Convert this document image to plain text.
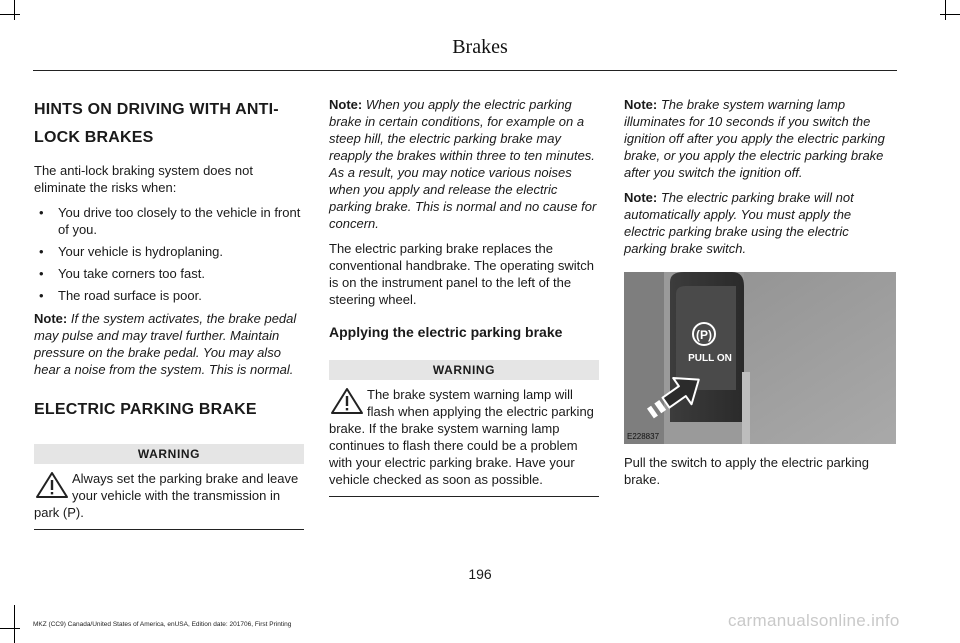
Brakes
HINTS ON DRIVING WITH ANTI-
LOCK BRAKES

The anti-lock braking system does not eliminate the risks when:

• You drive too closely to the vehicle in front of you.
• Your vehicle is hydroplaning.
• You take corners too fast.
• The road surface is poor.

Note: If the system activates, the brake pedal may pulse and may travel further. Maintain pressure on the brake pedal. You may also hear a noise from the system. This is normal.

ELECTRIC PARKING BRAKE
WARNING
Always set the parking brake and leave your vehicle with the transmission in park (P).

Note: When you apply the electric parking brake in certain conditions, for example on a steep hill, the electric parking brake may reapply the brakes within three to ten minutes. As a result, you may notice various noises when you apply and release the electric parking brake. This is normal and no cause for concern.

The electric parking brake replaces the conventional handbrake. The operating switch is on the instrument panel to the left of the steering wheel.

Applying the electric parking brake
WARNING
The brake system warning lamp will flash when applying the electric parking brake. If the brake system warning lamp continues to flash there could be a problem with your electric parking brake. Have your vehicle checked as soon as possible.

Note: The brake system warning lamp illuminates for 10 seconds if you switch the ignition off after you apply the electric parking brake, or you apply the electric parking brake after you switch the ignition off.

Note: The electric parking brake will not automatically apply. You must apply the electric parking brake using the electric parking brake switch.

(P)
PULL ON
E228837
Pull the switch to apply the electric parking brake.
196
MKZ (CC9) Canada/United States of America, enUSA, Edition date: 201706, First Printing	carmanualsonline.info
